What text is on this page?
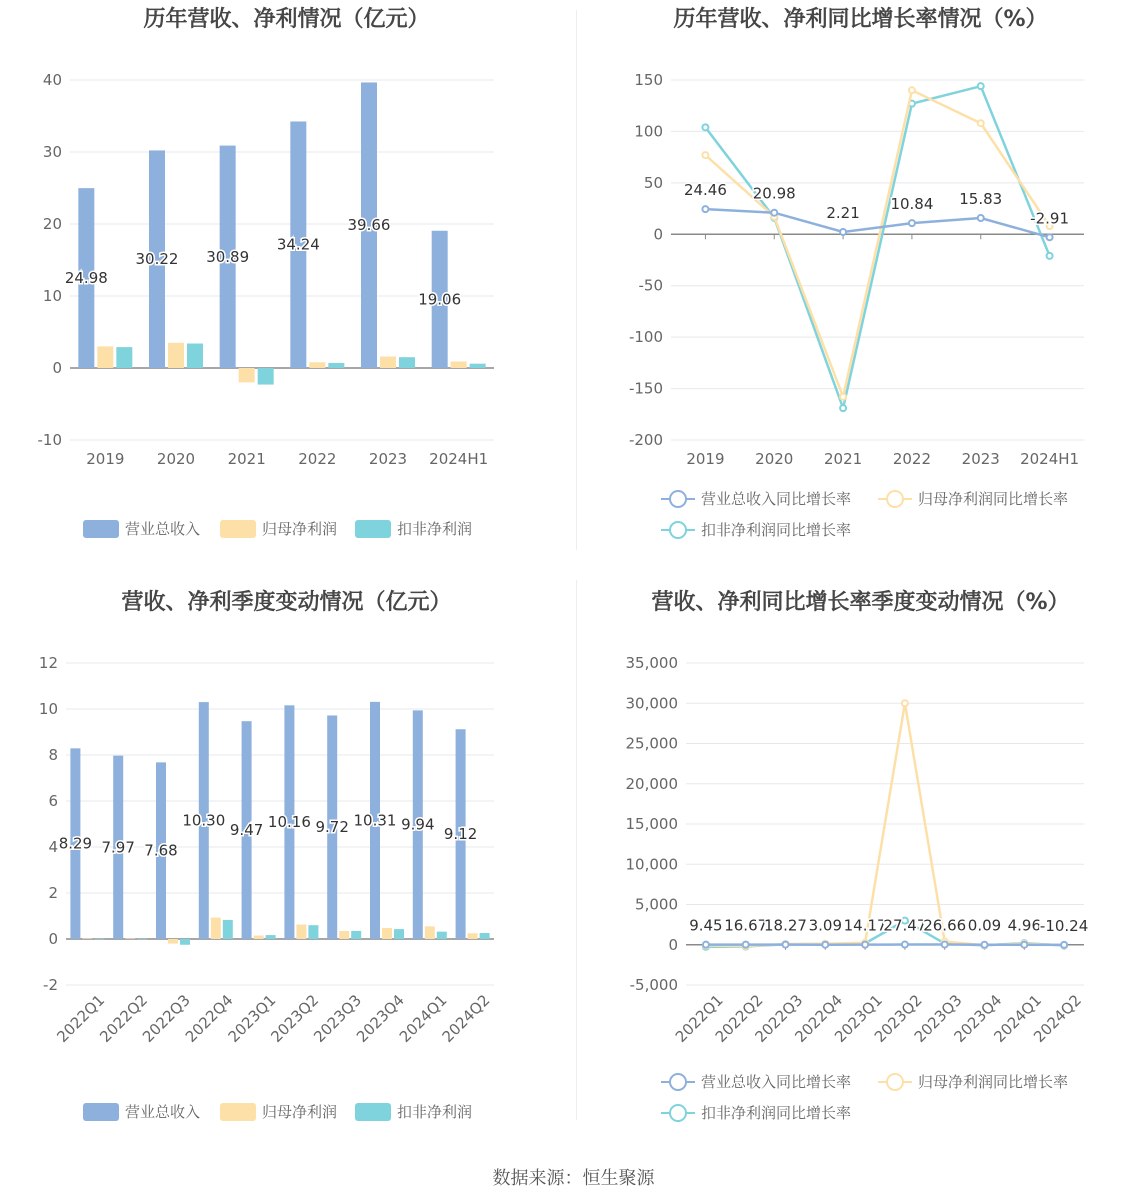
历年营收、净利情况（亿元）
-10
0
10
20
30
40
2019 2020 2021 2022 2023 2024H1
24.98
30.22 30.89
34.24
39.66
19.06
营业总收入	归母净利润	扣非净利润
历年营收、净利同比增长率情况（%）
-200
-150
-100
-50
0
50
100
150
2019 2020 2021 2022 2023 2024H1
24.46 20.98
2.21 10.84 15.83
-2.91
营业总收入同比增长率	归母净利润同比增长率
扣非净利润同比增长率
营收、净利季度变动情况（亿元）
-2
0
2
4
6
8
10
12
2022Q1
2022Q2
2022Q3
2022Q4
2023Q1
2023Q2
2023Q3
2023Q4
2024Q1
2024Q2
8.29 7.97 7.68
10.30
9.47 10.16 9.72 10.31 9.94
9.12
营业总收入	归母净利润	扣非净利润
营收、净利同比增长率季度变动情况（%）
-5,000
0
5,000
10,000
15,000
20,000
25,000
30,000
35,000
2022Q1
2022Q2
2022Q3
2022Q4
2023Q1
2023Q2
2023Q3
2023Q4
2024Q1
2024Q2
9.45 16.67
18.27 3.09 14.17
27.47
26.66 0.09 4.96
-10.24
营业总收入同比增长率	归母净利润同比增长率
扣非净利润同比增长率
数据来源：恒生聚源
